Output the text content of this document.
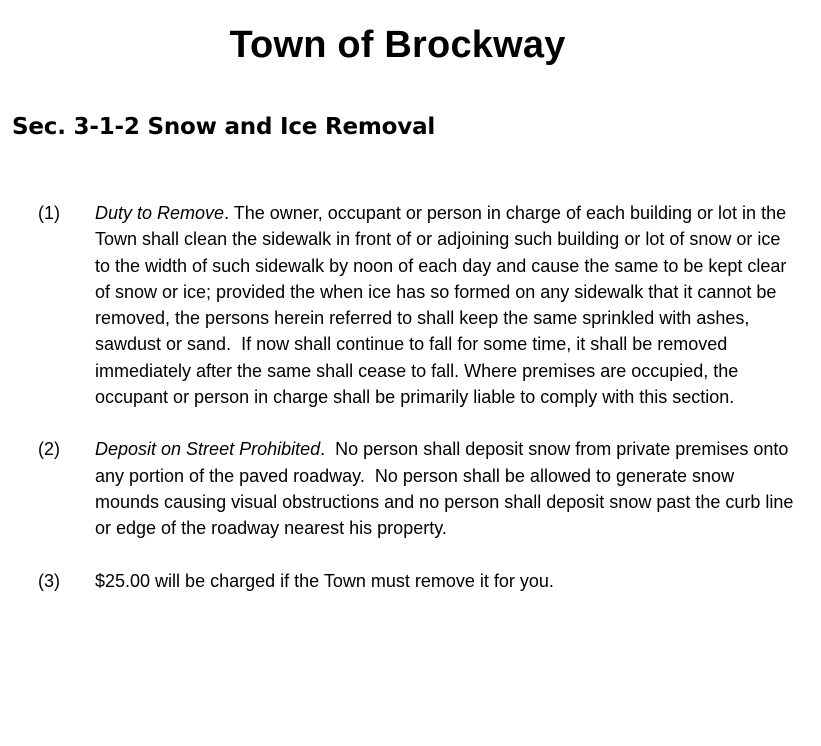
Town of Brockway
Sec. 3-1-2 Snow and Ice Removal
(1)	Duty to Remove. The owner, occupant or person in charge of each building or lot in the Town shall clean the sidewalk in front of or adjoining such building or lot of snow or ice to the width of such sidewalk by noon of each day and cause the same to be kept clear of snow or ice; provided the when ice has so formed on any sidewalk that it cannot be removed, the persons herein referred to shall keep the same sprinkled with ashes, sawdust or sand.  If now shall continue to fall for some time, it shall be removed immediately after the same shall cease to fall. Where premises are occupied, the occupant or person in charge shall be primarily liable to comply with this section.
(2)	Deposit on Street Prohibited.  No person shall deposit snow from private premises onto any portion of the paved roadway.  No person shall be allowed to generate snow mounds causing visual obstructions and no person shall deposit snow past the curb line or edge of the roadway nearest his property.
(3)	$25.00 will be charged if the Town must remove it for you.
